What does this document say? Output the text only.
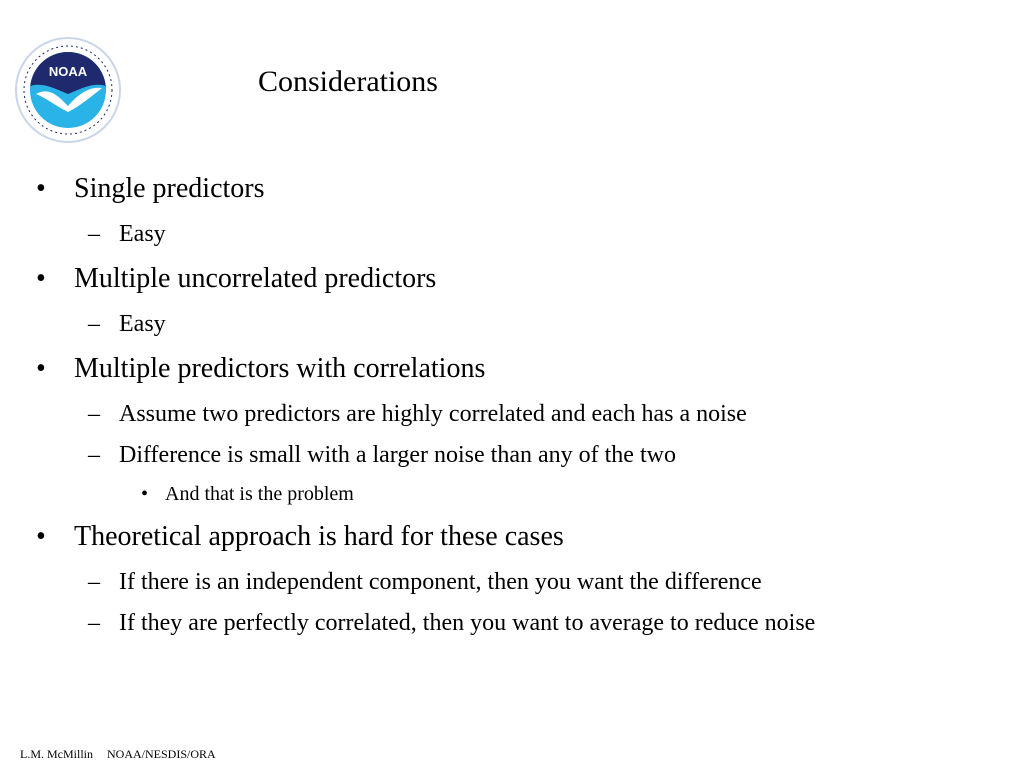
NOAA	Considerations
• Single predictors
– Easy
• Multiple uncorrelated predictors
– Easy
• Multiple predictors with correlations
– Assume two predictors are highly correlated and each has a noise
– Difference is small with a larger noise than any of the two
• And that is the problem
• Theoretical approach is hard for these cases
– If there is an independent component, then you want the difference
– If they are perfectly correlated, then you want to average to reduce noise
L.M. McMillin NOAA/NESDIS/ORA
